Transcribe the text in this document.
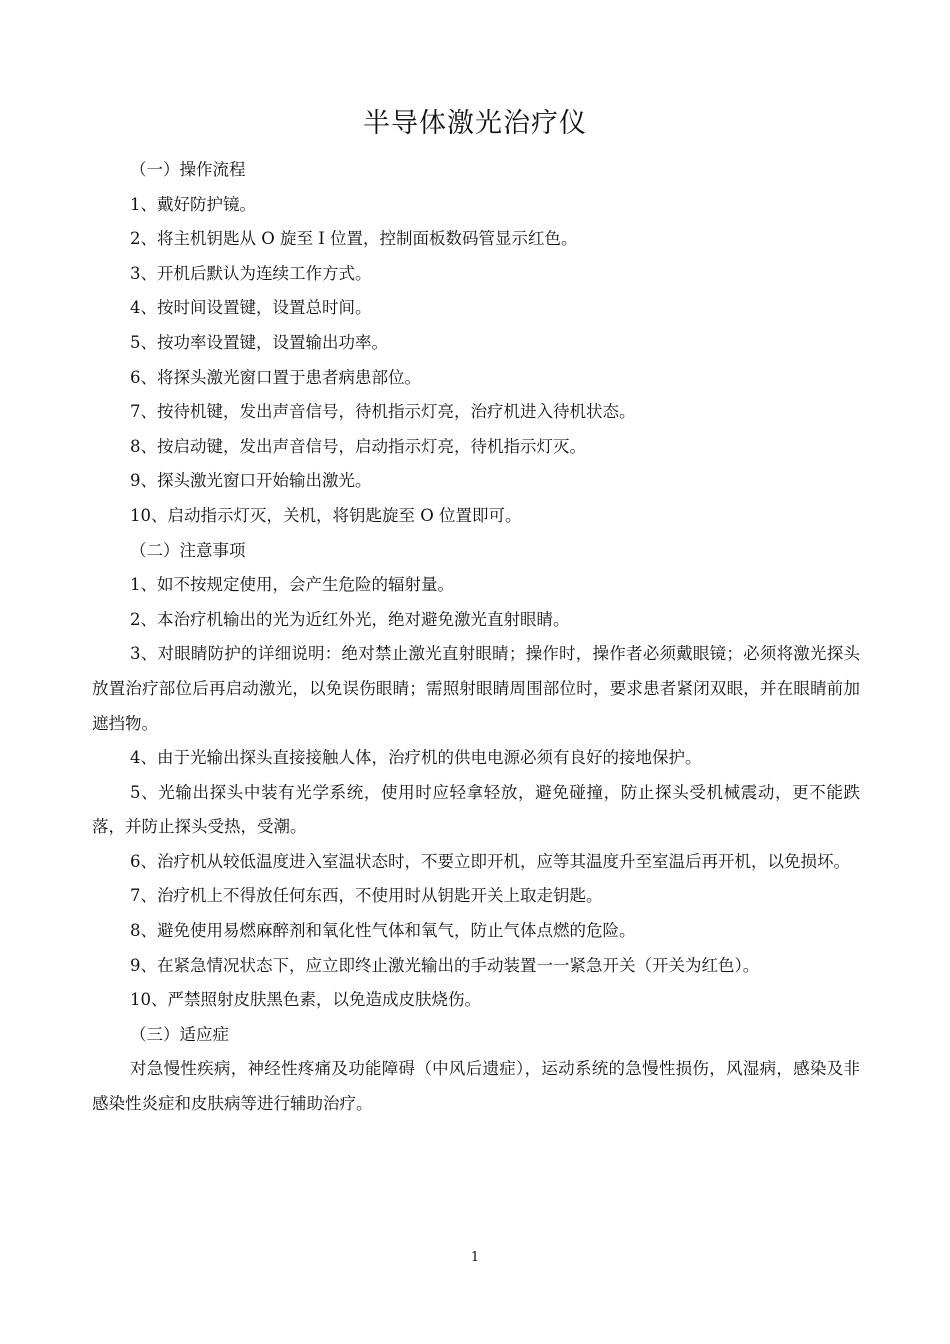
半导体激光治疗仪

（一）操作流程

1、戴好防护镜。

2、将主机钥匙从 O 旋至 I 位置，控制面板数码管显示红色。

3、开机后默认为连续工作方式。

4、按时间设置键，设置总时间。

5、按功率设置键，设置输出功率。

6、将探头激光窗口置于患者病患部位。

7、按待机键，发出声音信号，待机指示灯亮，治疗机进入待机状态。

8、按启动键，发出声音信号，启动指示灯亮，待机指示灯灭。

9、探头激光窗口开始输出激光。

10、启动指示灯灭，关机，将钥匙旋至 O 位置即可。

（二）注意事项

1、如不按规定使用，会产生危险的辐射量。

2、本治疗机输出的光为近红外光，绝对避免激光直射眼睛。

3、对眼睛防护的详细说明：绝对禁止激光直射眼睛；操作时，操作者必须戴眼镜；必须将激光探头放置治疗部位后再启动激光，以免误伤眼睛；需照射眼睛周围部位时，要求患者紧闭双眼，并在眼睛前加遮挡物。

4、由于光输出探头直接接触人体，治疗机的供电电源必须有良好的接地保护。

5、光输出探头中装有光学系统，使用时应轻拿轻放，避免碰撞，防止探头受机械震动，更不能跌落，并防止探头受热，受潮。

6、治疗机从较低温度进入室温状态时，不要立即开机，应等其温度升至室温后再开机，以免损坏。

7、治疗机上不得放任何东西，不使用时从钥匙开关上取走钥匙。

8、避免使用易燃麻醉剂和氧化性气体和氧气，防止气体点燃的危险。

9、在紧急情况状态下，应立即终止激光输出的手动装置一一紧急开关（开关为红色）。

10、严禁照射皮肤黑色素，以免造成皮肤烧伤。

（三）适应症

对急慢性疾病，神经性疼痛及功能障碍（中风后遗症），运动系统的急慢性损伤，风湿病，感染及非感染性炎症和皮肤病等进行辅助治疗。

1
